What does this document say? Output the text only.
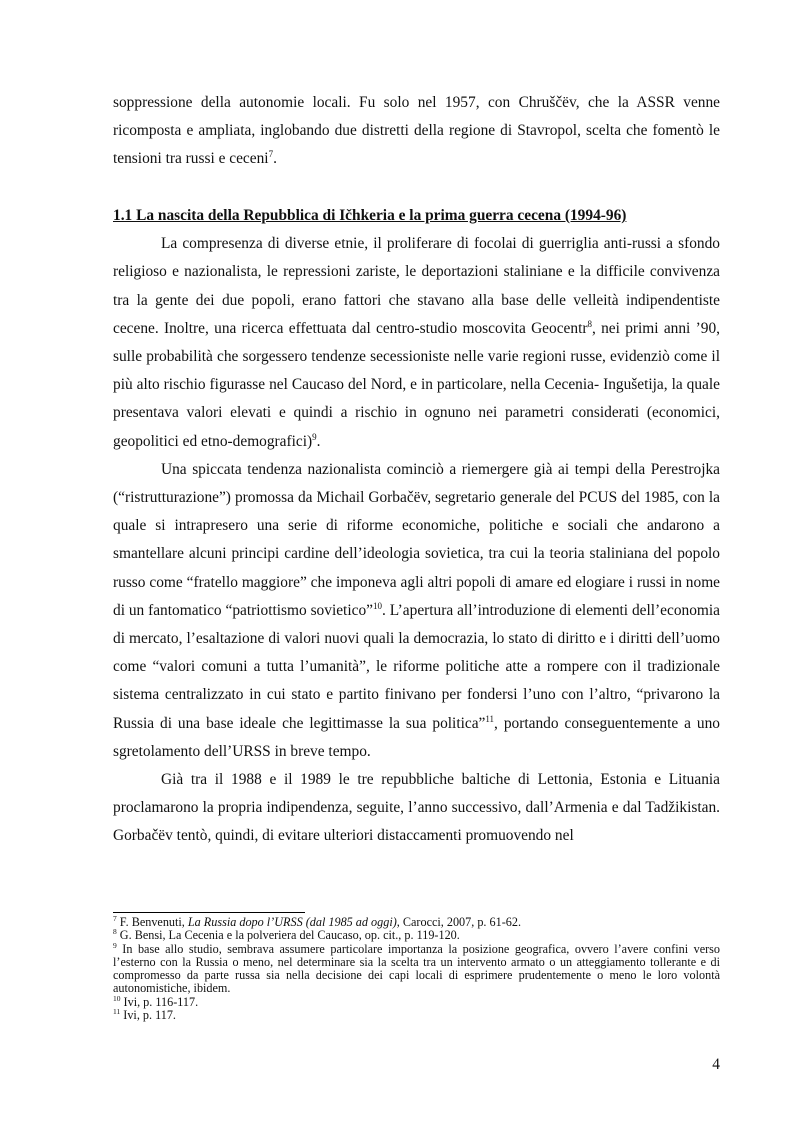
soppressione della autonomie locali. Fu solo nel 1957, con Chruščëv, che la ASSR venne ricomposta e ampliata, inglobando due distretti della regione di Stavropol, scelta che fomentò le tensioni tra russi e ceceni$^7$.

1.1 La nascita della Repubblica di Ičhkeria e la prima guerra cecena (1994-96)

La compresenza di diverse etnie, il proliferare di focolai di guerriglia anti-russi a sfondo religioso e nazionalista, le repressioni zariste, le deportazioni staliniane e la difficile convivenza tra la gente dei due popoli, erano fattori che stavano alla base delle velleità indipendentiste cecene. Inoltre, una ricerca effettuata dal centro-studio moscovita Geocentr$^8$, nei primi anni ’90, sulle probabilità che sorgessero tendenze secessioniste nelle varie regioni russe, evidenziò come il più alto rischio figurasse nel Caucaso del Nord, e in particolare, nella Cecenia- Ingušetija, la quale presentava valori elevati e quindi a rischio in ognuno nei parametri considerati (economici, geopolitici ed etno-demografici)$^9$.

Una spiccata tendenza nazionalista cominciò a riemergere già ai tempi della Perestrojka (“ristrutturazione”) promossa da Michail Gorbačëv, segretario generale del PCUS del 1985, con la quale si intrapresero una serie di riforme economiche, politiche e sociali che andarono a smantellare alcuni principi cardine dell’ideologia sovietica, tra cui la teoria staliniana del popolo russo come “fratello maggiore” che imponeva agli altri popoli di amare ed elogiare i russi in nome di un fantomatico “patriottismo sovietico”$^{10}$. L’apertura all’introduzione di elementi dell’economia di mercato, l’esaltazione di valori nuovi quali la democrazia, lo stato di diritto e i diritti dell’uomo come “valori comuni a tutta l’umanità”, le riforme politiche atte a rompere con il tradizionale sistema centralizzato in cui stato e partito finivano per fondersi l’uno con l’altro, “privarono la Russia di una base ideale che legittimasse la sua politica”$^{11}$, portando conseguentemente a uno sgretolamento dell’URSS in breve tempo.

Già tra il 1988 e il 1989 le tre repubbliche baltiche di Lettonia, Estonia e Lituania proclamarono la propria indipendenza, seguite, l’anno successivo, dall’Armenia e dal Tadžikistan. Gorbačëv tentò, quindi, di evitare ulteriori distaccamenti promuovendo nel

$^7$ F. Benvenuti, La Russia dopo l’URSS (dal 1985 ad oggi), Carocci, 2007, p. 61-62.

$^8$ G. Bensi, La Cecenia e la polveriera del Caucaso, op. cit., p. 119-120.

$^9$ In base allo studio, sembrava assumere particolare importanza la posizione geografica, ovvero l’avere confini verso l’esterno con la Russia o meno, nel determinare sia la scelta tra un intervento armato o un atteggiamento tollerante e di compromesso da parte russa sia nella decisione dei capi locali di esprimere prudentemente o meno le loro volontà autonomistiche, ibidem.

$^{10}$ Ivi, p. 116-117.

$^{11}$ Ivi, p. 117.

4
